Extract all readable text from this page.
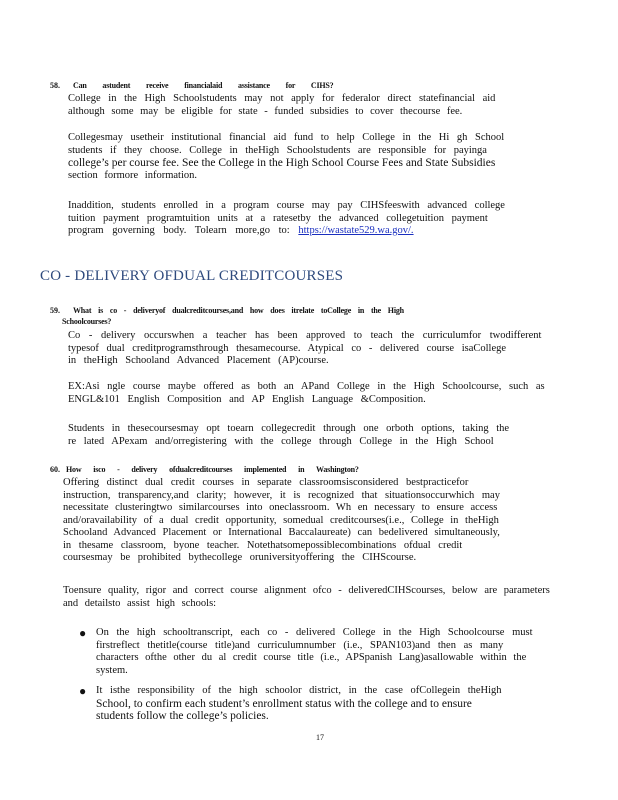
58. Can astudent receive financialaid assistance for CIHS?
College in the High Schoolstudents may not apply for federalor direct statefinancial aid
although some may be eligible for state - funded subsidies to cover thecourse fee.
Collegesmay usetheir institutional financial aid fund to help College in the Hi gh School
students if they choose. College in theHigh Schoolstudents are responsible for payinga
college’s per course fee. See the College in the High School Course Fees and State Subsidies
section formore information.
Inaddition, students enrolled in a program course may pay CIHSfeeswith advanced college
tuition payment programtuition units at a ratesetby the advanced collegetuition payment
program governing body. Tolearn more,go to: https://wastate529.wa.gov/.
CO - DELIVERY OFDUAL CREDITCOURSES
59. What is co - deliveryof dualcreditcourses,and how does itrelate toCollege in the High
Schoolcourses?
Co - delivery occurswhen a teacher has been approved to teach the curriculumfor twodifferent
typesof dual creditprogramsthrough thesamecourse. Atypical co - delivered course isaCollege
in theHigh Schooland Advanced Placement (AP)course.
EX:Asi ngle course maybe offered as both an APand College in the High Schoolcourse, such as
ENGL&101 English Composition and AP English Language &Composition.
Students in thesecoursesmay opt toearn collegecredit through one orboth options, taking the
re lated APexam and/orregistering with the college through College in the High School
60. How isco - delivery ofdualcreditcourses implemented in Washington?
Offering distinct dual credit courses in separate classroomsisconsidered bestpracticefor
instruction, transparency,and clarity; however, it is recognized that situationsoccurwhich may
necessitate clusteringtwo similarcourses into oneclassroom. Wh en necessary to ensure access
and/oravailability of a dual credit opportunity, somedual creditcourses(i.e., College in theHigh
Schooland Advanced Placement or International Baccalaureate) can bedelivered simultaneously,
in thesame classroom, byone teacher. Notethatsomepossiblecombinations ofdual credit
coursesmay be prohibited bythecollege oruniversityoffering the CIHScourse.
Toensure quality, rigor and correct course alignment ofco - deliveredCIHScourses, below are parameters
and detailsto assist high schools:
● On the high schooltranscript, each co - delivered College in the High Schoolcourse must
firstreflect thetitle(course title)and curriculumnumber (i.e., SPAN103)and then as many
characters ofthe other du al credit course title (i.e., APSpanish Lang)asallowable within the
system.
● It isthe responsibility of the high schoolor district, in the case ofCollegein theHigh
School, to confirm each student’s enrollment status with the college and to ensure
students follow the college’s policies.
17
